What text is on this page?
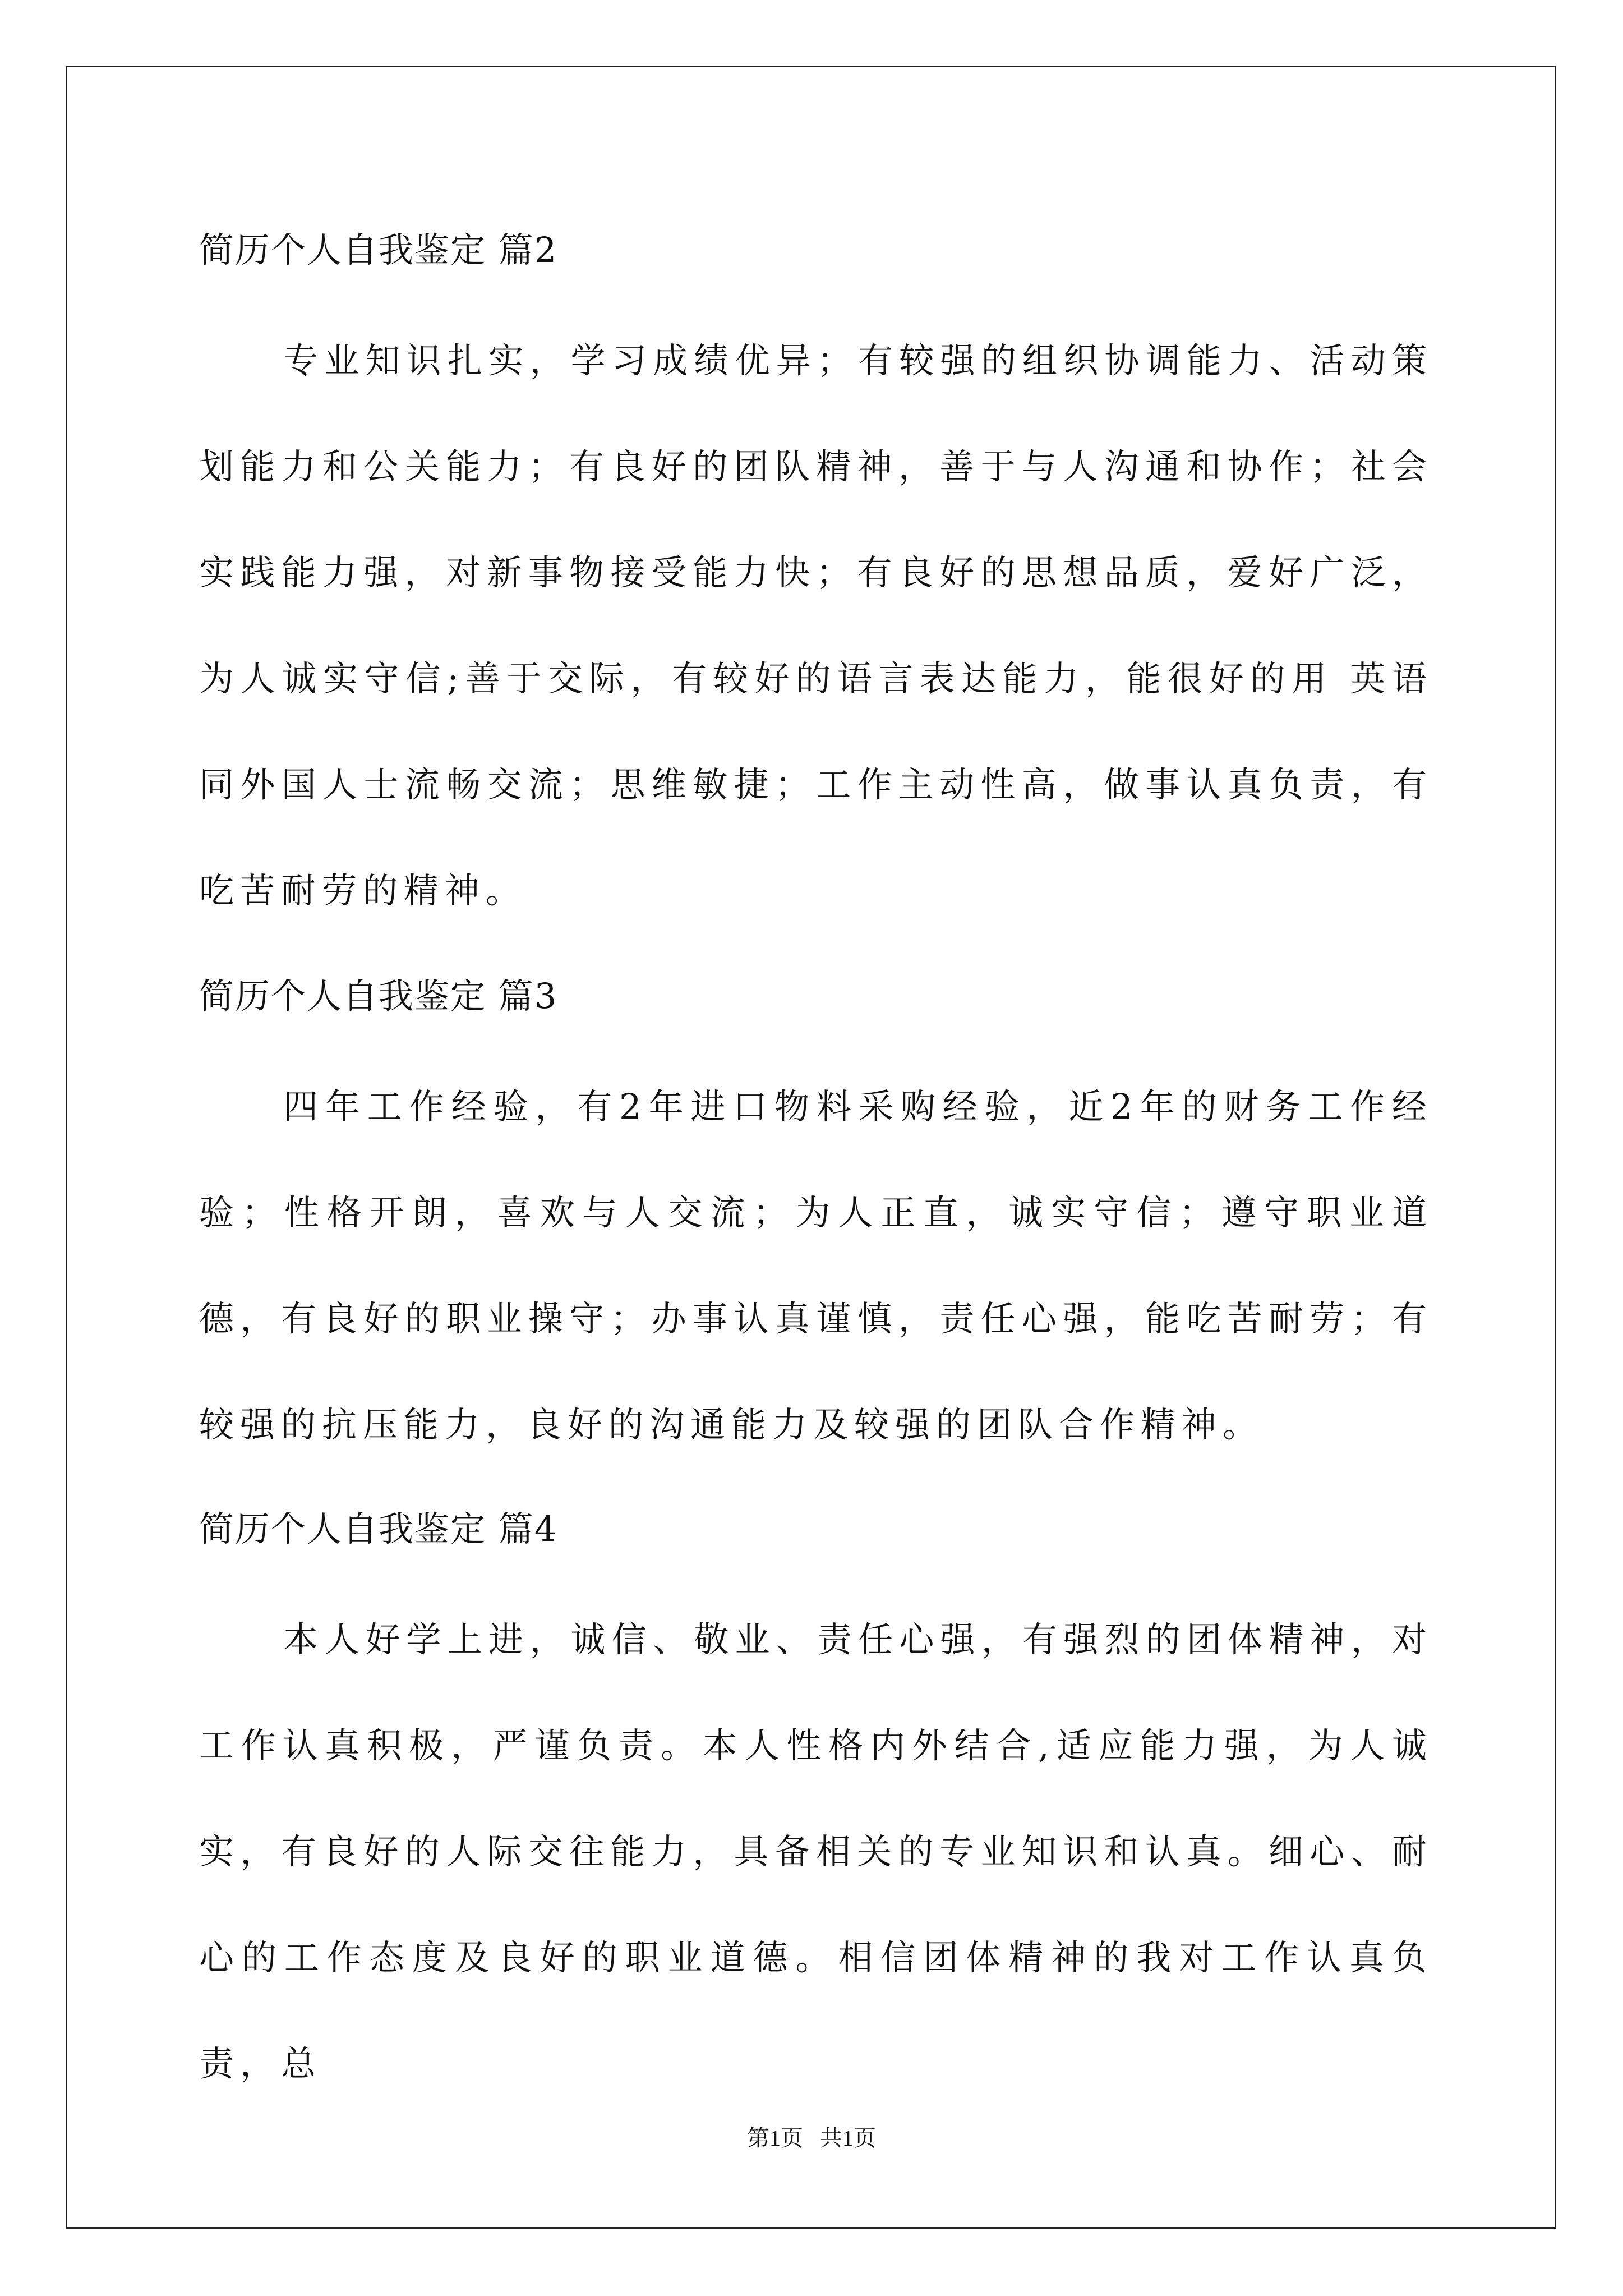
简历个人自我鉴定 篇2
专业知识扎实，学习成绩优异；有较强的组织协调能力、活动策划能力和公关能力；有良好的团队精神，善于与人沟通和协作；社会实践能力强，对新事物接受能力快；有良好的思想品质，爱好广泛，为人诚实守信;善于交际，有较好的语言表达能力，能很好的用 英语同外国人士流畅交流；思维敏捷；工作主动性高，做事认真负责，有吃苦耐劳的精神。
简历个人自我鉴定 篇3
四年工作经验，有2年进口物料采购经验，近2年的财务工作经验；性格开朗，喜欢与人交流；为人正直，诚实守信；遵守职业道德，有良好的职业操守；办事认真谨慎，责任心强，能吃苦耐劳；有较强的抗压能力，良好的沟通能力及较强的团队合作精神。
简历个人自我鉴定 篇4
本人好学上进，诚信、敬业、责任心强，有强烈的团体精神，对工作认真积极，严谨负责。本人性格内外结合,适应能力强，为人诚实，有良好的人际交往能力，具备相关的专业知识和认真。细心、耐心的工作态度及良好的职业道德。相信团体精神的我对工作认真负责，总
第1页   共1页
